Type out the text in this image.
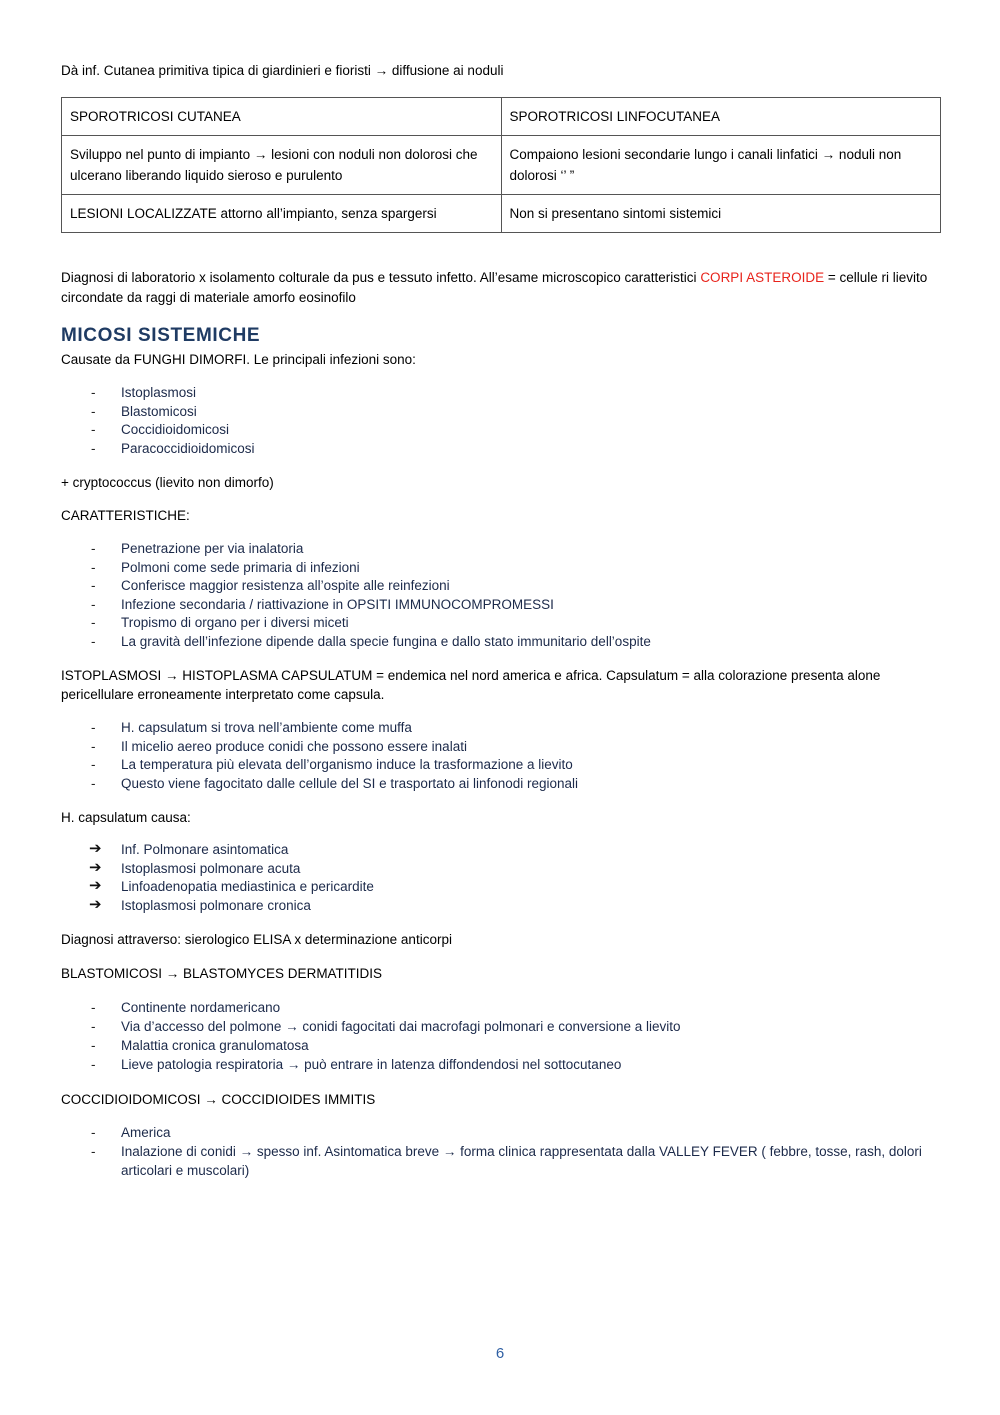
Dà inf. Cutanea primitiva tipica di giardinieri e fioristi → diffusione ai noduli

SPOROTRICOSI CUTANEA	SPOROTRICOSI LINFOCUTANEA
Sviluppo nel punto di impianto → lesioni con noduli non dolorosi che ulcerano liberando liquido sieroso e purulento	Compaiono lesioni secondarie lungo i canali linfatici → noduli non dolorosi ‘’ ”
LESIONI LOCALIZZATE attorno all’impianto, senza spargersi	Non si presentano sintomi sistemici

Diagnosi di laboratorio x isolamento colturale da pus e tessuto infetto. All’esame microscopico caratteristici CORPI ASTEROIDE = cellule ri lievito circondate da raggi di materiale amorfo eosinofilo

MICOSI SISTEMICHE

Causate da FUNGHI DIMORFI. Le principali infezioni sono:

- Istoplasmosi
- Blastomicosi
- Coccidioidomicosi
- Paracoccidioidomicosi

+ cryptococcus (lievito non dimorfo)

CARATTERISTICHE:

- Penetrazione per via inalatoria
- Polmoni come sede primaria di infezioni
- Conferisce maggior resistenza all’ospite alle reinfezioni
- Infezione secondaria / riattivazione in OPSITI IMMUNOCOMPROMESSI
- Tropismo di organo per i diversi miceti
- La gravità dell’infezione dipende dalla specie fungina e dallo stato immunitario dell’ospite

ISTOPLASMOSI → HISTOPLASMA CAPSULATUM = endemica nel nord america e africa. Capsulatum = alla colorazione presenta alone pericellulare erroneamente interpretato come capsula.

- H. capsulatum si trova nell’ambiente come muffa
- Il micelio aereo produce conidi che possono essere inalati
- La temperatura più elevata dell’organismo induce la trasformazione a lievito
- Questo viene fagocitato dalle cellule del SI e trasportato ai linfonodi regionali

H. capsulatum causa:

➔ Inf. Polmonare asintomatica
➔ Istoplasmosi polmonare acuta
➔ Linfoadenopatia mediastinica e pericardite
➔ Istoplasmosi polmonare cronica

Diagnosi attraverso: sierologico ELISA x determinazione anticorpi

BLASTOMICOSI → BLASTOMYCES DERMATITIDIS

- Continente nordamericano
- Via d’accesso del polmone → conidi fagocitati dai macrofagi polmonari e conversione a lievito
- Malattia cronica granulomatosa
- Lieve patologia respiratoria → può entrare in latenza diffondendosi nel sottocutaneo

COCCIDIOIDOMICOSI → COCCIDIOIDES IMMITIS

- America
- Inalazione di conidi → spesso inf. Asintomatica breve → forma clinica rappresentata dalla VALLEY FEVER ( febbre, tosse, rash, dolori articolari e muscolari)
6
